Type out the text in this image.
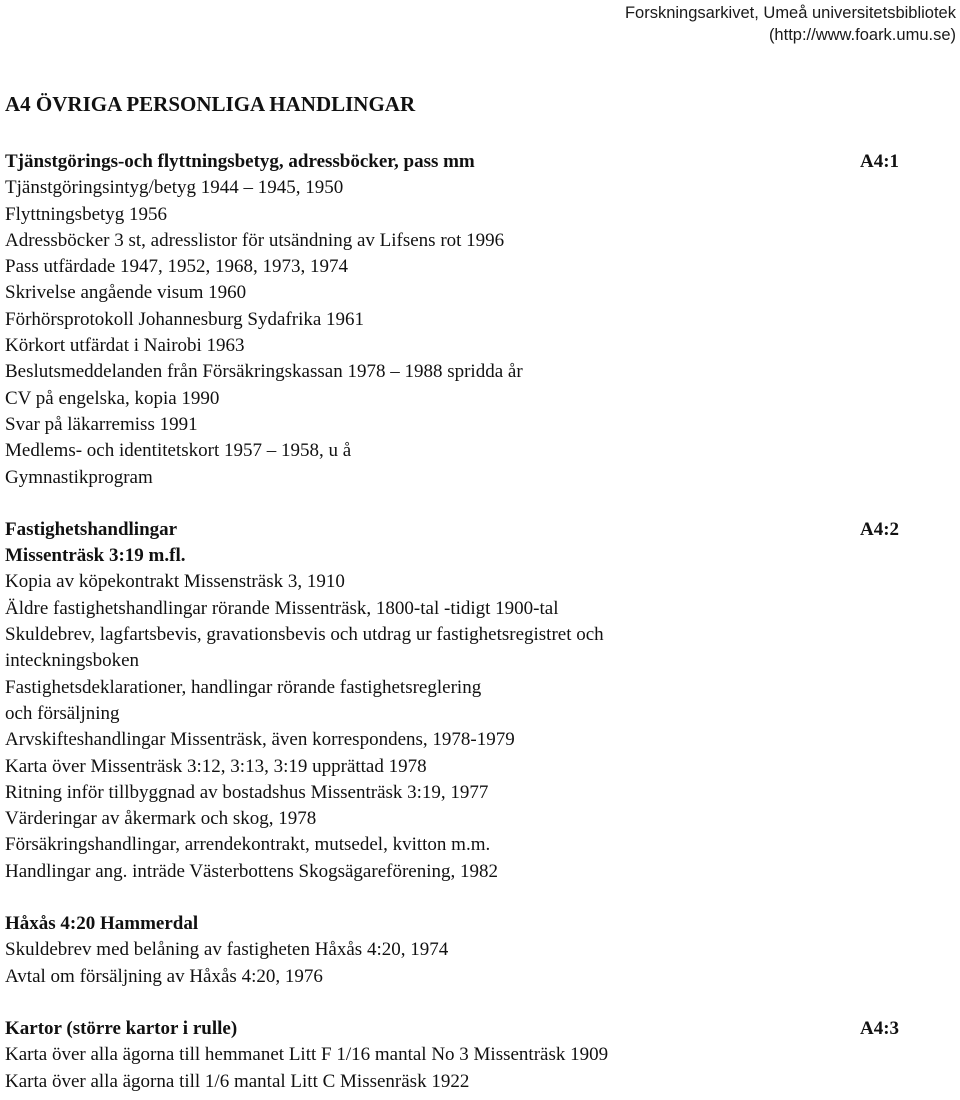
Forskningsarkivet, Umeå universitetsbibliotek
(http://www.foark.umu.se)
A4 ÖVRIGA PERSONLIGA HANDLINGAR
Tjänstgörings-och flyttningsbetyg, adressböcker, pass mm	A4:1
Tjänstgöringsintyg/betyg 1944 – 1945, 1950
Flyttningsbetyg 1956
Adressböcker 3 st, adresslistor för utsändning av Lifsens rot 1996
Pass utfärdade 1947, 1952, 1968, 1973, 1974
Skrivelse angående visum 1960
Förhörsprotokoll Johannesburg Sydafrika 1961
Körkort utfärdat i Nairobi 1963
Beslutsmeddelanden från Försäkringskassan 1978 – 1988 spridda år
CV på engelska, kopia 1990
Svar på läkarremiss 1991
Medlems- och identitetskort 1957 – 1958, u å
Gymnastikprogram
Fastighetshandlingar	A4:2
Missenträsk 3:19 m.fl.
Kopia av köpekontrakt Missensträsk 3, 1910
Äldre fastighetshandlingar rörande Missenträsk, 1800-tal -tidigt 1900-tal
Skuldebrev, lagfartsbevis, gravationsbevis och utdrag ur fastighetsregistret och
inteckningsboken
Fastighetsdeklarationer, handlingar rörande fastighetsreglering
och försäljning
Arvskifteshandlingar Missenträsk, även korrespondens, 1978-1979
Karta över Missenträsk 3:12, 3:13, 3:19 upprättad 1978
Ritning inför tillbyggnad av bostadshus Missenträsk 3:19, 1977
Värderingar av åkermark och skog, 1978
Försäkringshandlingar, arrendekontrakt, mutsedel, kvitton m.m.
Handlingar ang. inträde Västerbottens Skogsägareförening, 1982
Håxås 4:20 Hammerdal
Skuldebrev med belåning av fastigheten Håxås 4:20, 1974
Avtal om försäljning av Håxås 4:20, 1976
Kartor (större kartor i rulle)	A4:3
Karta över alla ägorna till hemmanet Litt F 1/16 mantal No 3 Missenträsk 1909
Karta över alla ägorna till 1/6 mantal Litt C Missenräsk 1922
